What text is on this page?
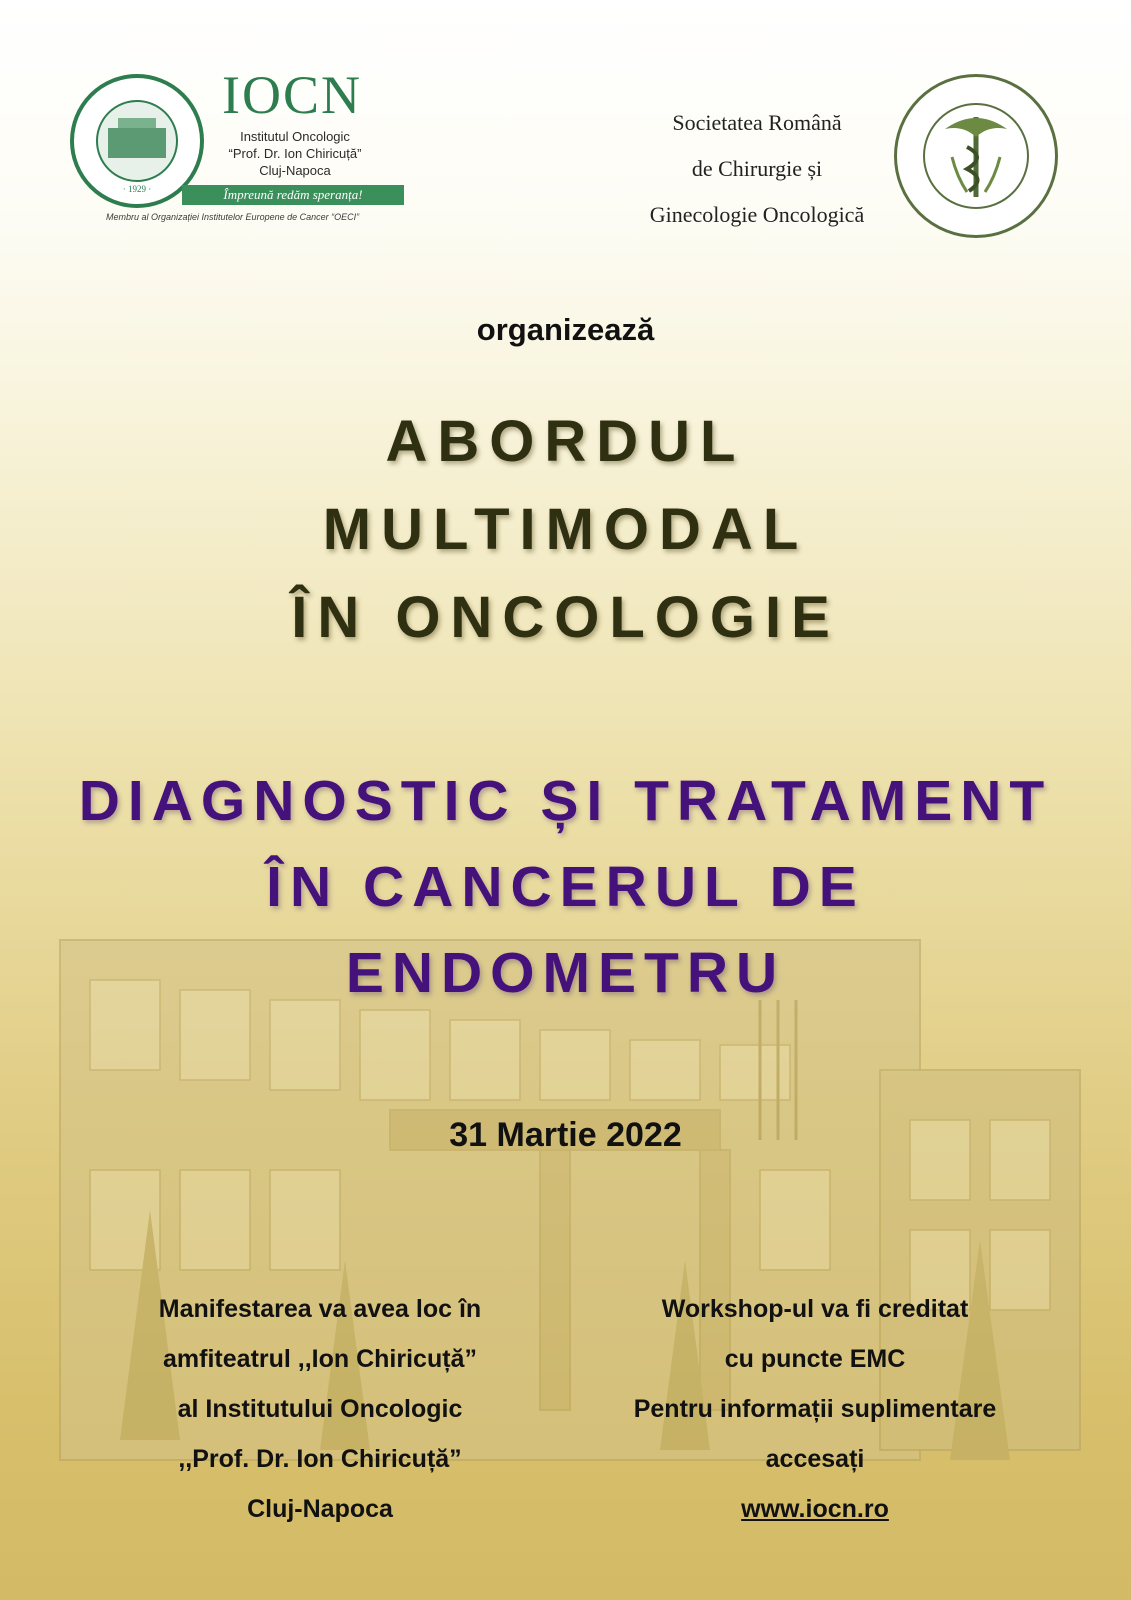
· 1929 ·
IOCN
Institutul Oncologic
“Prof. Dr. Ion Chiricuță”
Cluj-Napoca
Împreună redăm speranța!
Membru al Organizației Institutelor Europene de Cancer “OECI”
Societatea Română
de Chirurgie și
Ginecologie Oncologică
organizează
ABORDUL
MULTIMODAL
ÎN ONCOLOGIE
DIAGNOSTIC ȘI TRATAMENT
ÎN CANCERUL DE
ENDOMETRU
31 Martie 2022
Manifestarea va avea loc în
amfiteatrul ,,Ion Chiricuță”
al Institutului Oncologic
,,Prof. Dr. Ion Chiricuță”
Cluj-Napoca
Workshop-ul va fi creditat
cu puncte EMC
Pentru informații suplimentare
accesați
www.iocn.ro
